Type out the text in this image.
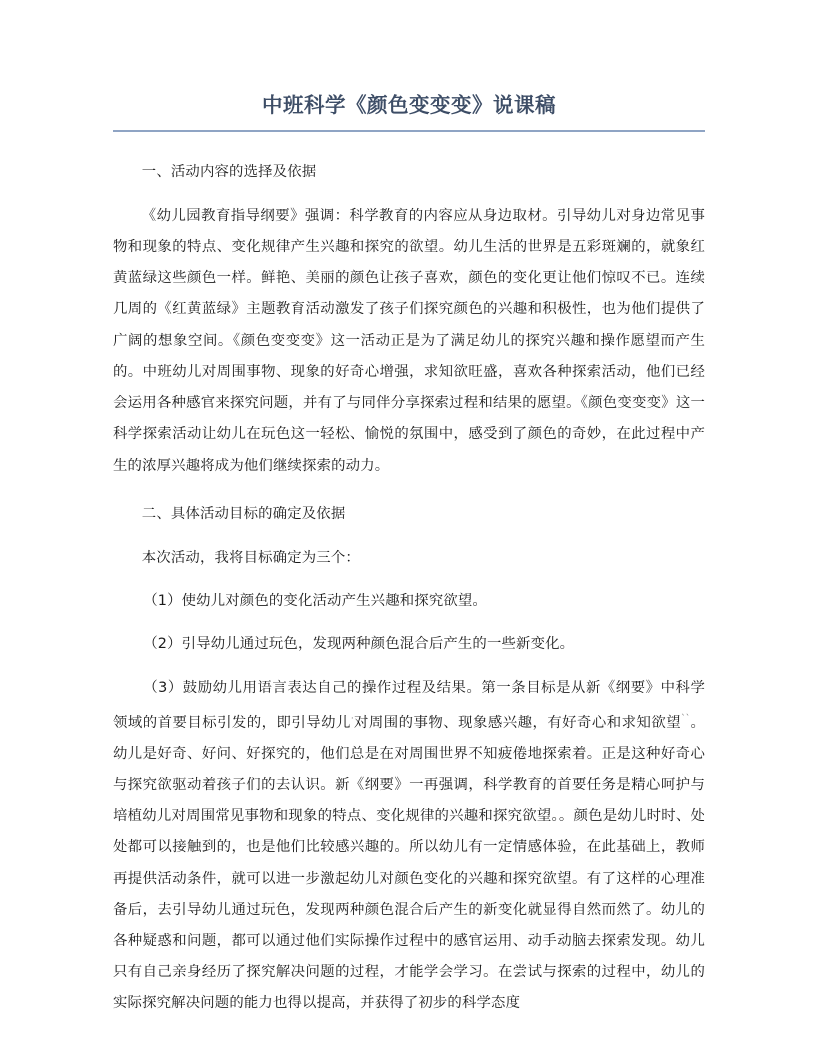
中班科学《颜色变变变》说课稿

一、活动内容的选择及依据

《幼儿园教育指导纲要》强调：科学教育的内容应从身边取材。引导幼儿对身边常见事物和现象的特点、变化规律产生兴趣和探究的欲望。幼儿生活的世界是五彩斑斓的，就象红黄蓝绿这些颜色一样。鲜艳、美丽的颜色让孩子喜欢，颜色的变化更让他们惊叹不已。连续几周的《红黄蓝绿》主题教育活动激发了孩子们探究颜色的兴趣和积极性，也为他们提供了广阔的想象空间。《颜色变变变》这一活动正是为了满足幼儿的探究兴趣和操作愿望而产生的。中班幼儿对周围事物、现象的好奇心增强，求知欲旺盛，喜欢各种探索活动，他们已经会运用各种感官来探究问题，并有了与同伴分享探索过程和结果的愿望。《颜色变变变》这一科学探索活动让幼儿在玩色这一轻松、愉悦的氛围中，感受到了颜色的奇妙，在此过程中产生的浓厚兴趣将成为他们继续探索的动力。

二、具体活动目标的确定及依据

本次活动，我将目标确定为三个：

（1）使幼儿对颜色的变化活动产生兴趣和探究欲望。

（2）引导幼儿通过玩色，发现两种颜色混合后产生的一些新变化。

（3）鼓励幼儿用语言表达自己的操作过程及结果。第一条目标是从新《纲要》中科学领域的首要目标引发的，即引导幼儿·对周围的事物、现象感兴趣，有好奇心和求知欲望``。幼儿是好奇、好问、好探究的，他们总是在对周围世界不知疲倦地探索着。正是这种好奇心与探究欲驱动着孩子们的去认识。新《纲要》一再强调，科学教育的首要任务是精心呵护与培植幼儿对周围常见事物和现象的特点、变化规律的兴趣和探究欲望。。颜色是幼儿时时、处处都可以接触到的，也是他们比较感兴趣的。所以幼儿有一定情感体验，在此基础上，教师再提供活动条件，就可以进一步激起幼儿对颜色变化的兴趣和探究欲望。有了这样的心理准备后，去引导幼儿通过玩色，发现两种颜色混合后产生的新变化就显得自然而然了。幼儿的各种疑惑和问题，都可以通过他们实际操作过程中的感官运用、动手动脑去探索发现。幼儿只有自己亲身经历了探究解决问题的过程，才能学会学习。在尝试与探索的过程中，幼儿的实际探究解决问题的能力也得以提高，并获得了初步的科学态度
